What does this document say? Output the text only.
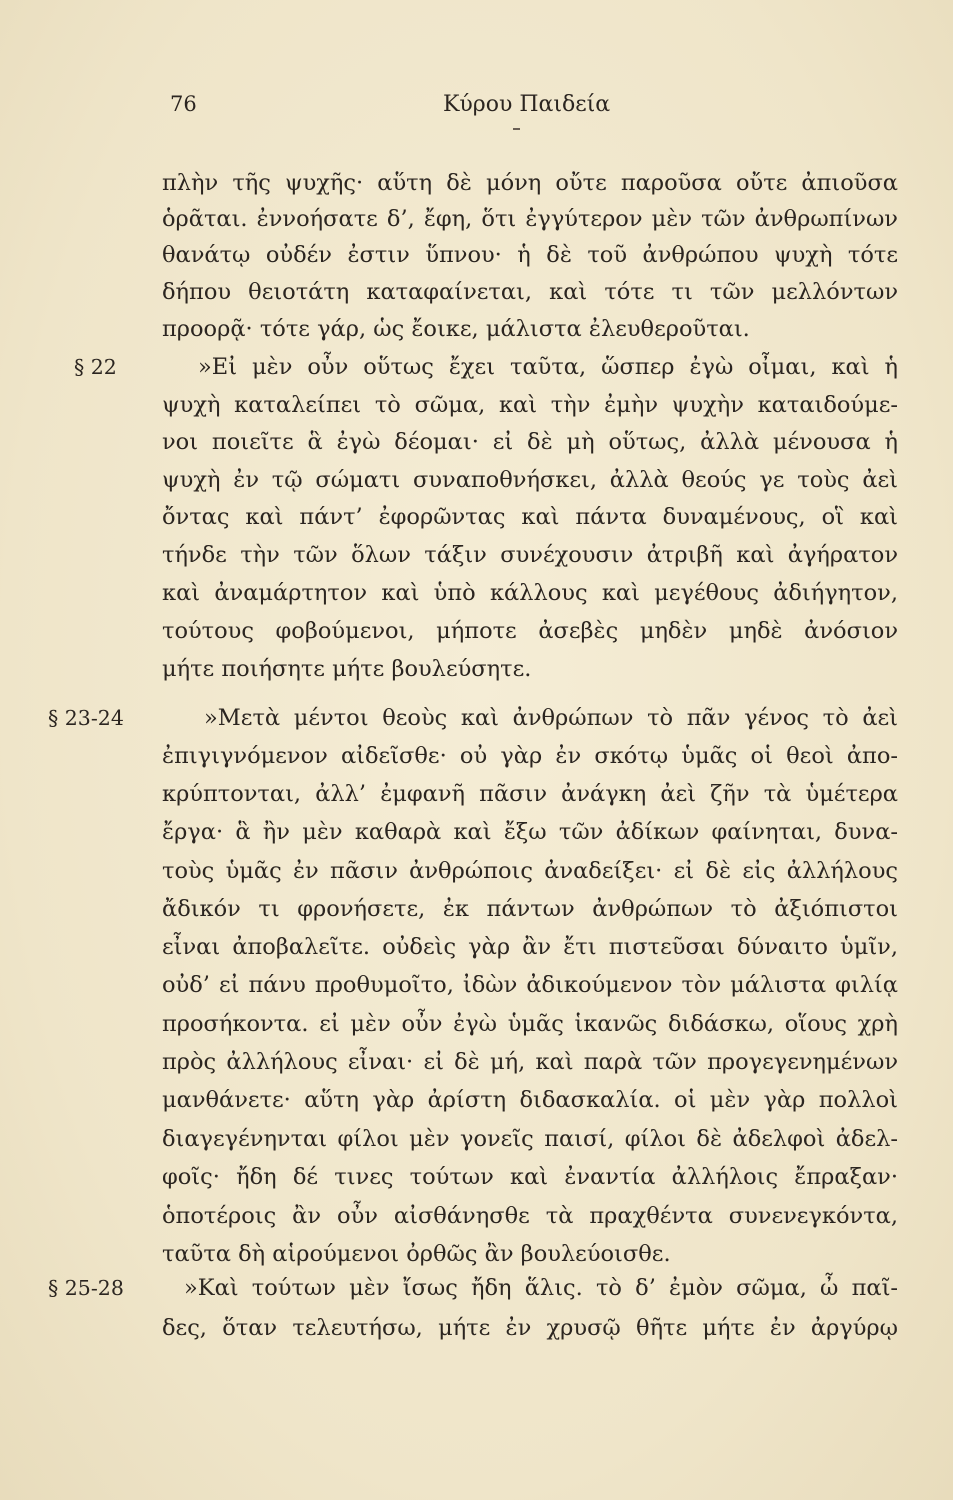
76	Κύρου Παιδεία
§ 22
§ 23-24
§ 25-28
πλὴν τῆς ψυχῆς· αὕτη δὲ μόνη οὔτε παροῦσα οὔτε ἀπιοῦσα
ὁρᾶται. ἐννοήσατε δ’, ἔφη, ὅτι ἐγγύτερον μὲν τῶν ἀνθρωπίνων
θανάτῳ οὐδέν ἐστιν ὕπνου· ἡ δὲ τοῦ ἀνθρώπου ψυχὴ τότε
δήπου θειοτάτη καταφαίνεται, καὶ τότε τι τῶν μελλόντων
προορᾷ· τότε γάρ, ὡς ἔοικε, μάλιστα ἐλευθεροῦται.
»Εἰ μὲν οὖν οὕτως ἔχει ταῦτα, ὥσπερ ἐγὼ οἶμαι, καὶ ἡ
ψυχὴ καταλείπει τὸ σῶμα, καὶ τὴν ἐμὴν ψυχὴν καταιδούμε-
νοι ποιεῖτε ἃ ἐγὼ δέομαι· εἰ δὲ μὴ οὕτως, ἀλλὰ μένουσα ἡ
ψυχὴ ἐν τῷ σώματι συναποθνήσκει, ἀλλὰ θεούς γε τοὺς ἀεὶ
ὄντας καὶ πάντ’ ἐφορῶντας καὶ πάντα δυναμένους, οἳ καὶ
τήνδε τὴν τῶν ὅλων τάξιν συνέχουσιν ἀτριβῆ καὶ ἀγήρατον
καὶ ἀναμάρτητον καὶ ὑπὸ κάλλους καὶ μεγέθους ἀδιήγητον,
τούτους φοβούμενοι, μήποτε ἀσεβὲς μηδὲν μηδὲ ἀνόσιον
μήτε ποιήσητε μήτε βουλεύσητε.
»Μετὰ μέντοι θεοὺς καὶ ἀνθρώπων τὸ πᾶν γένος τὸ ἀεὶ
ἐπιγιγνόμενον αἰδεῖσθε· οὐ γὰρ ἐν σκότῳ ὑμᾶς οἱ θεοὶ ἀπο-
κρύπτονται, ἀλλ’ ἐμφανῆ πᾶσιν ἀνάγκη ἀεὶ ζῆν τὰ ὑμέτερα
ἔργα· ἃ ἢν μὲν καθαρὰ καὶ ἔξω τῶν ἀδίκων φαίνηται, δυνα-
τοὺς ὑμᾶς ἐν πᾶσιν ἀνθρώποις ἀναδείξει· εἰ δὲ εἰς ἀλλήλους
ἄδικόν τι φρονήσετε, ἐκ πάντων ἀνθρώπων τὸ ἀξιόπιστοι
εἶναι ἀποβαλεῖτε. οὐδεὶς γὰρ ἂν ἔτι πιστεῦσαι δύναιτο ὑμῖν,
οὐδ’ εἰ πάνυ προθυμοῖτο, ἰδὼν ἀδικούμενον τὸν μάλιστα φιλίᾳ
προσήκοντα. εἰ μὲν οὖν ἐγὼ ὑμᾶς ἱκανῶς διδάσκω, οἵους χρὴ
πρὸς ἀλλήλους εἶναι· εἰ δὲ μή, καὶ παρὰ τῶν προγεγενημένων
μανθάνετε· αὕτη γὰρ ἀρίστη διδασκαλία. οἱ μὲν γὰρ πολλοὶ
διαγεγένηνται φίλοι μὲν γονεῖς παισί, φίλοι δὲ ἀδελφοὶ ἀδελ-
φοῖς· ἤδη δέ τινες τούτων καὶ ἐναντία ἀλλήλοις ἔπραξαν·
ὁποτέροις ἂν οὖν αἰσθάνησθε τὰ πραχθέντα συνενεγκόντα,
ταῦτα δὴ αἱρούμενοι ὀρθῶς ἂν βουλεύοισθε.
»Καὶ τούτων μὲν ἴσως ἤδη ἅλις. τὸ δ’ ἐμὸν σῶμα, ὦ παῖ-
δες, ὅταν τελευτήσω, μήτε ἐν χρυσῷ θῆτε μήτε ἐν ἀργύρῳ
